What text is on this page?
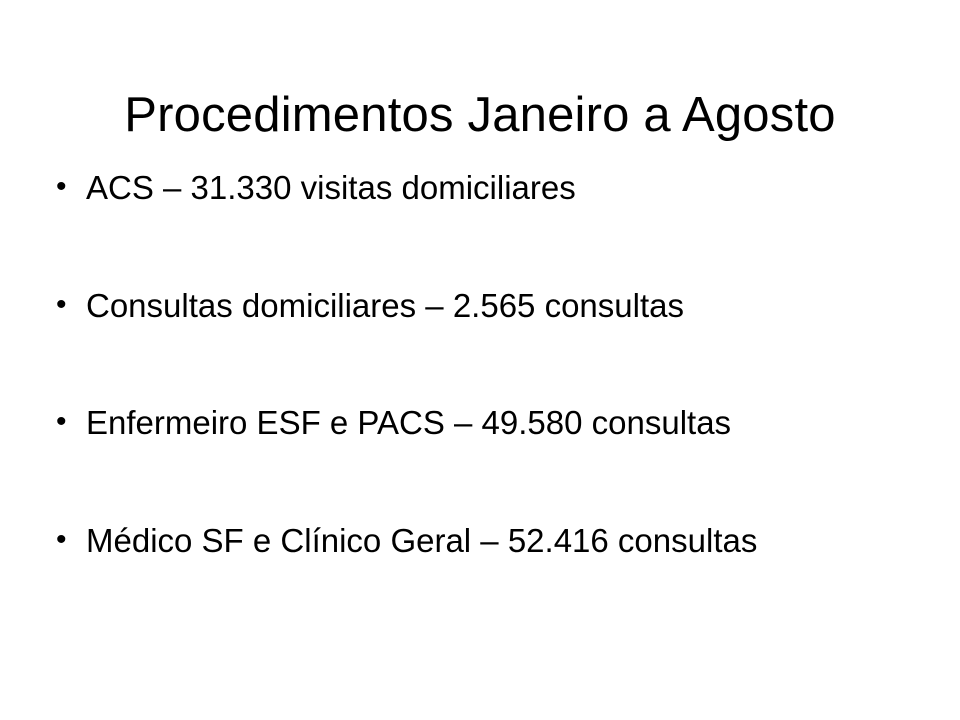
Procedimentos Janeiro a Agosto
• ACS – 31.330 visitas domiciliares
• Consultas domiciliares – 2.565 consultas
• Enfermeiro ESF e PACS – 49.580 consultas
• Médico SF e Clínico Geral – 52.416 consultas
